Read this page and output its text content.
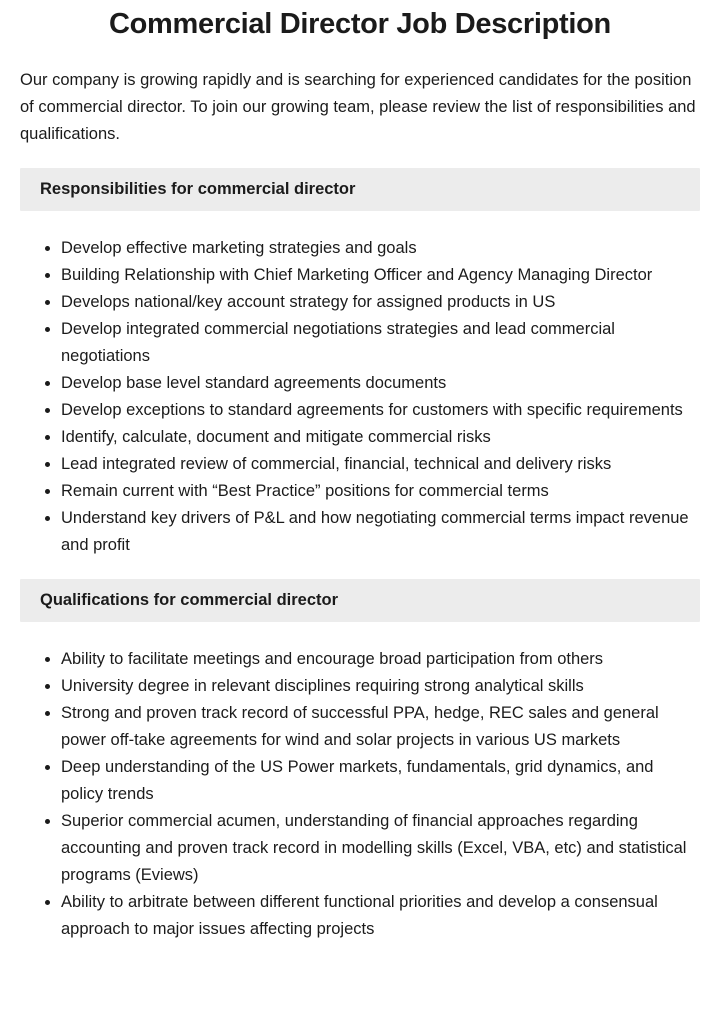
Commercial Director Job Description

Our company is growing rapidly and is searching for experienced candidates for the position of commercial director. To join our growing team, please review the list of responsibilities and qualifications.

Responsibilities for commercial director
Develop effective marketing strategies and goals
Building Relationship with Chief Marketing Officer and Agency Managing Director
Develops national/key account strategy for assigned products in US
Develop integrated commercial negotiations strategies and lead commercial negotiations
Develop base level standard agreements documents
Develop exceptions to standard agreements for customers with specific requirements
Identify, calculate, document and mitigate commercial risks
Lead integrated review of commercial, financial, technical and delivery risks
Remain current with “Best Practice” positions for commercial terms
Understand key drivers of P&L and how negotiating commercial terms impact revenue and profit
Qualifications for commercial director
Ability to facilitate meetings and encourage broad participation from others
University degree in relevant disciplines requiring strong analytical skills
Strong and proven track record of successful PPA, hedge, REC sales and general power off-take agreements for wind and solar projects in various US markets
Deep understanding of the US Power markets, fundamentals, grid dynamics, and policy trends
Superior commercial acumen, understanding of financial approaches regarding accounting and proven track record in modelling skills (Excel, VBA, etc) and statistical programs (Eviews)
Ability to arbitrate between different functional priorities and develop a consensual approach to major issues affecting projects
